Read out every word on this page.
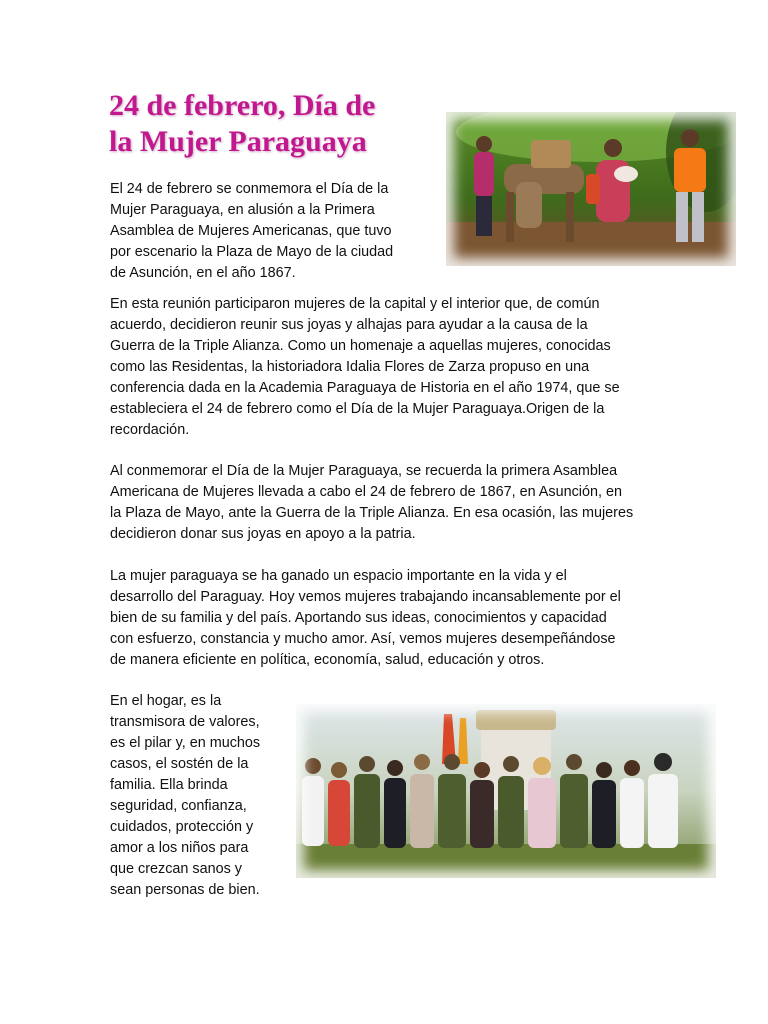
24 de febrero, Día de
la Mujer Paraguaya
El 24 de febrero se conmemora el Día de la
Mujer Paraguaya, en alusión a la Primera
Asamblea de Mujeres Americanas, que tuvo
por escenario la Plaza de Mayo de la ciudad
de Asunción, en el año 1867.
En esta reunión participaron mujeres de la capital y el interior que, de común
acuerdo, decidieron reunir sus joyas y alhajas para ayudar a la causa de la
Guerra de la Triple Alianza. Como un homenaje a aquellas mujeres, conocidas
como las Residentas, la historiadora Idalia Flores de Zarza propuso en una
conferencia dada en la Academia Paraguaya de Historia en el año 1974, que se
estableciera el 24 de febrero como el Día de la Mujer Paraguaya.Origen de la
recordación.
Al conmemorar el Día de la Mujer Paraguaya, se recuerda la primera Asamblea
Americana de Mujeres llevada a cabo el 24 de febrero de 1867, en Asunción, en
la Plaza de Mayo, ante la Guerra de la Triple Alianza. En esa ocasión, las mujeres
decidieron donar sus joyas en apoyo a la patria.
La mujer paraguaya se ha ganado un espacio importante en la vida y el
desarrollo del Paraguay. Hoy vemos mujeres trabajando incansablemente por el
bien de su familia y del país. Aportando sus ideas, conocimientos y capacidad
con esfuerzo, constancia y mucho amor. Así, vemos mujeres desempeñándose
de manera eficiente en política, economía, salud, educación y otros.
En el hogar, es la
transmisora de valores,
es el pilar y, en muchos
casos, el sostén de la
familia. Ella brinda
seguridad, confianza,
cuidados, protección y
amor a los niños para
que crezcan sanos y
sean personas de bien.
